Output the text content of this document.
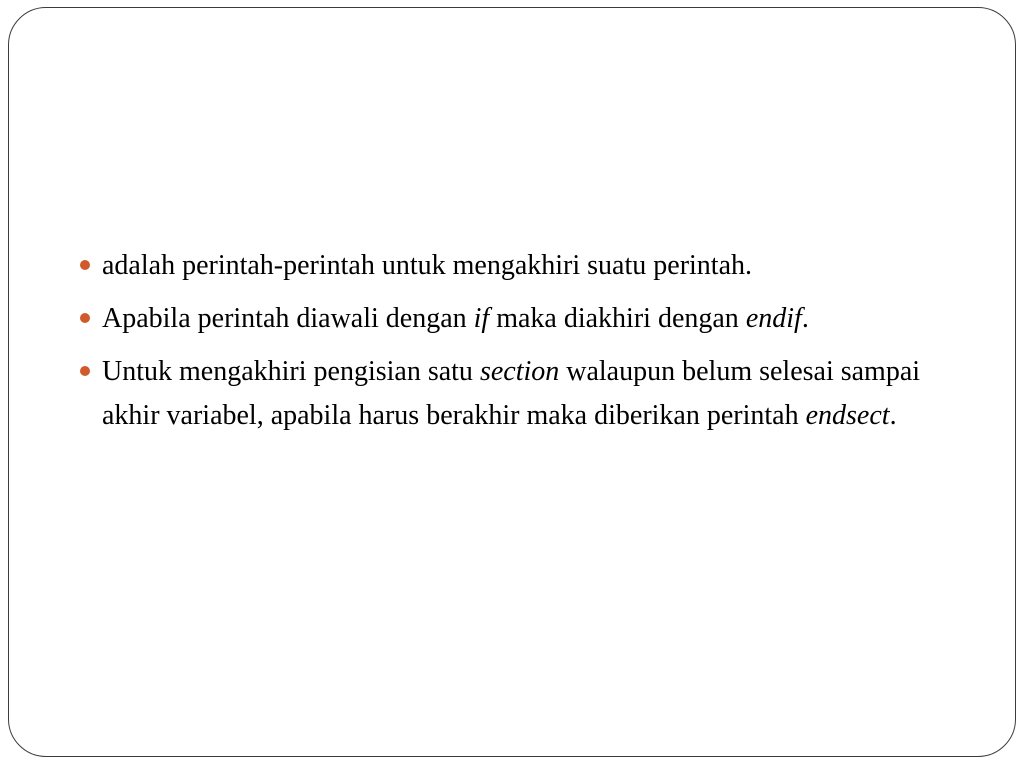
adalah perintah-perintah untuk mengakhiri suatu perintah.
Apabila perintah diawali dengan if maka diakhiri dengan endif.
Untuk mengakhiri pengisian satu section walaupun belum selesai sampai akhir variabel, apabila harus berakhir maka diberikan perintah endsect.
